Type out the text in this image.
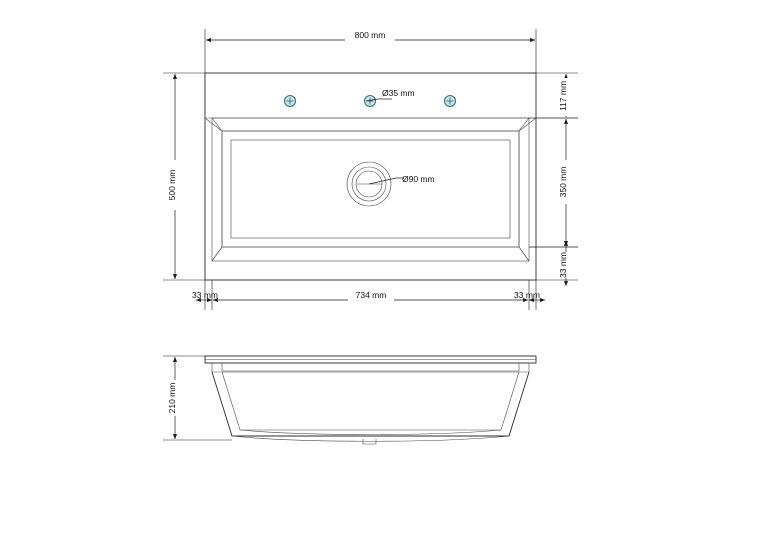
800 mm
500 mm
734 mm
33 mm	33 mm
117 mm
350 mm
33 mm
Ø35 mm
Ø90 mm
210 mm
